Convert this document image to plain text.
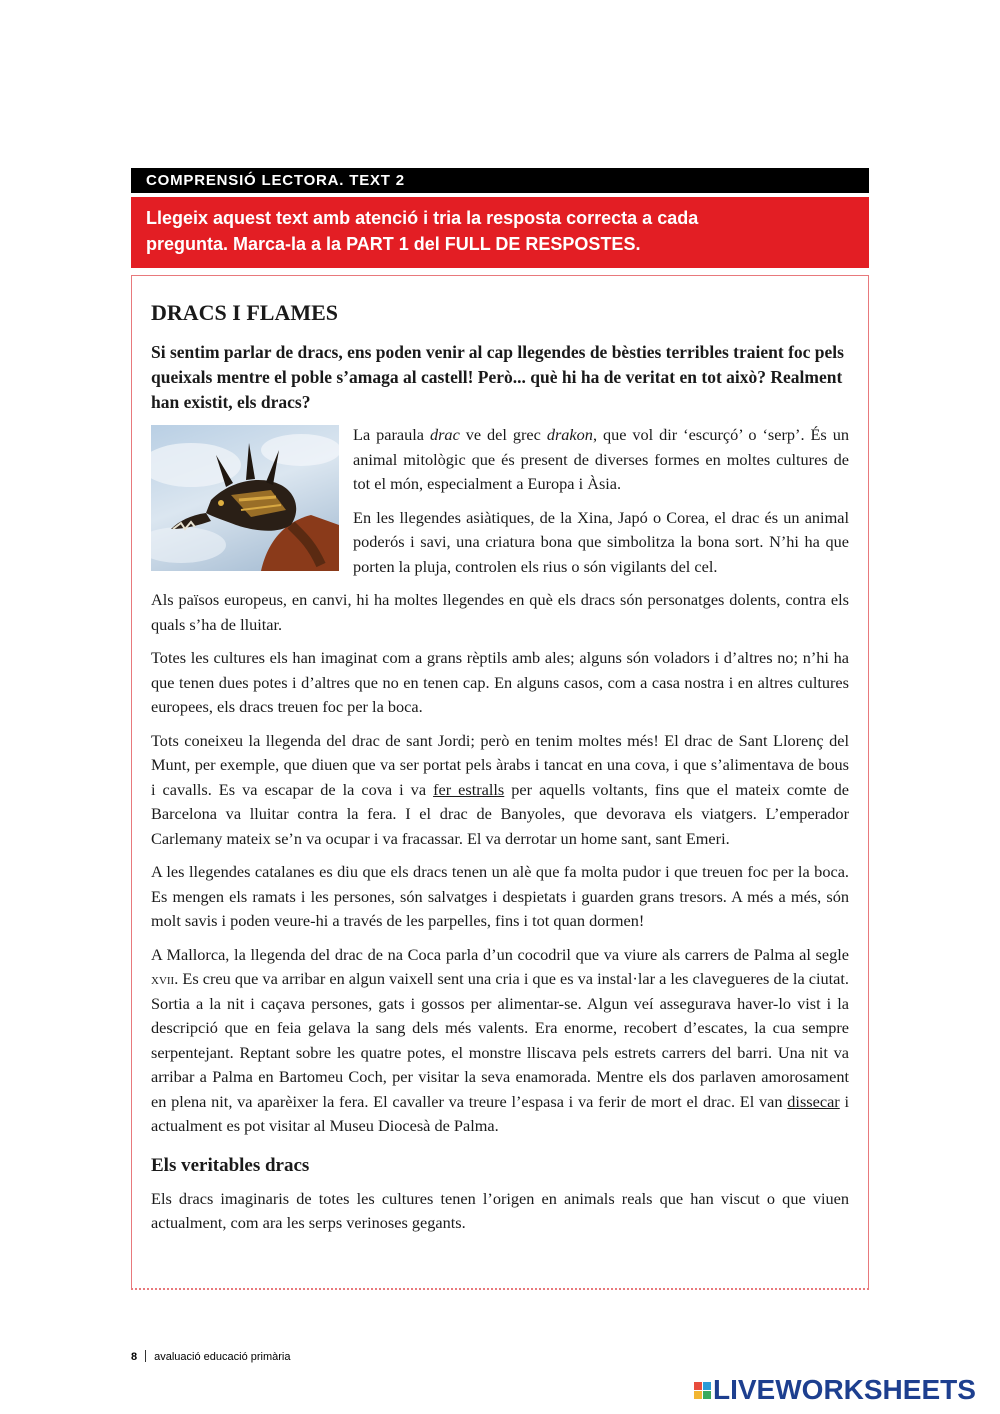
COMPRENSIÓ LECTORA. TEXT 2
Llegeix aquest text amb atenció i tria la resposta correcta a cada
pregunta. Marca-la a la PART 1 del FULL DE RESPOSTES.
DRACS I FLAMES
Si sentim parlar de dracs, ens poden venir al cap llegendes de bèsties terribles traient foc pels queixals mentre el poble s’amaga al castell! Però... què hi ha de veritat en tot això? Realment han existit, els dracs?

La paraula drac ve del grec drakon, que vol dir ‘escurçó’ o ‘serp’. És un animal mitològic que és present de diverses formes en moltes cultures de tot el món, especialment a Europa i Àsia.

En les llegendes asiàtiques, de la Xina, Japó o Corea, el drac és un animal poderós i savi, una criatura bona que simbolitza la bona sort. N’hi ha que porten la pluja, controlen els rius o són vigilants del cel.

Als països europeus, en canvi, hi ha moltes llegendes en què els dracs són personatges dolents, contra els quals s’ha de lluitar.

Totes les cultures els han imaginat com a grans rèptils amb ales; alguns són voladors i d’altres no; n’hi ha que tenen dues potes i d’altres que no en tenen cap. En alguns casos, com a casa nostra i en altres cultures europees, els dracs treuen foc per la boca.

Tots coneixeu la llegenda del drac de sant Jordi; però en tenim moltes més! El drac de Sant Llorenç del Munt, per exemple, que diuen que va ser portat pels àrabs i tancat en una cova, i que s’alimentava de bous i cavalls. Es va escapar de la cova i va fer estralls per aquells voltants, fins que el mateix comte de Barcelona va lluitar contra la fera. I el drac de Banyoles, que devorava els viatgers. L’emperador Carlemany mateix se’n va ocupar i va fracassar. El va derrotar un home sant, sant Emeri.

A les llegendes catalanes es diu que els dracs tenen un alè que fa molta pudor i que treuen foc per la boca. Es mengen els ramats i les persones, són salvatges i despietats i guarden grans tresors. A més a més, són molt savis i poden veure-hi a través de les parpelles, fins i tot quan dormen!

A Mallorca, la llegenda del drac de na Coca parla d’un cocodril que va viure als carrers de Palma al segle xvii. Es creu que va arribar en algun vaixell sent una cria i que es va instal·lar a les clavegueres de la ciutat. Sortia a la nit i caçava persones, gats i gossos per alimentar-se. Algun veí assegurava haver-lo vist i la descripció que en feia gelava la sang dels més valents. Era enorme, recobert d’escates, la cua sempre serpentejant. Reptant sobre les quatre potes, el monstre lliscava pels estrets carrers del barri. Una nit va arribar a Palma en Bartomeu Coch, per visitar la seva enamorada. Mentre els dos parlaven amorosament en plena nit, va aparèixer la fera. El cavaller va treure l’espasa i va ferir de mort el drac. El van dissecar i actualment es pot visitar al Museu Diocesà de Palma.

Els veritables dracs

Els dracs imaginaris de totes les cultures tenen l’origen en animals reals que han viscut o que viuen actualment, com ara les serps verinoses gegants.

8 avaluació educació primària
LIVEWORKSHEETS
